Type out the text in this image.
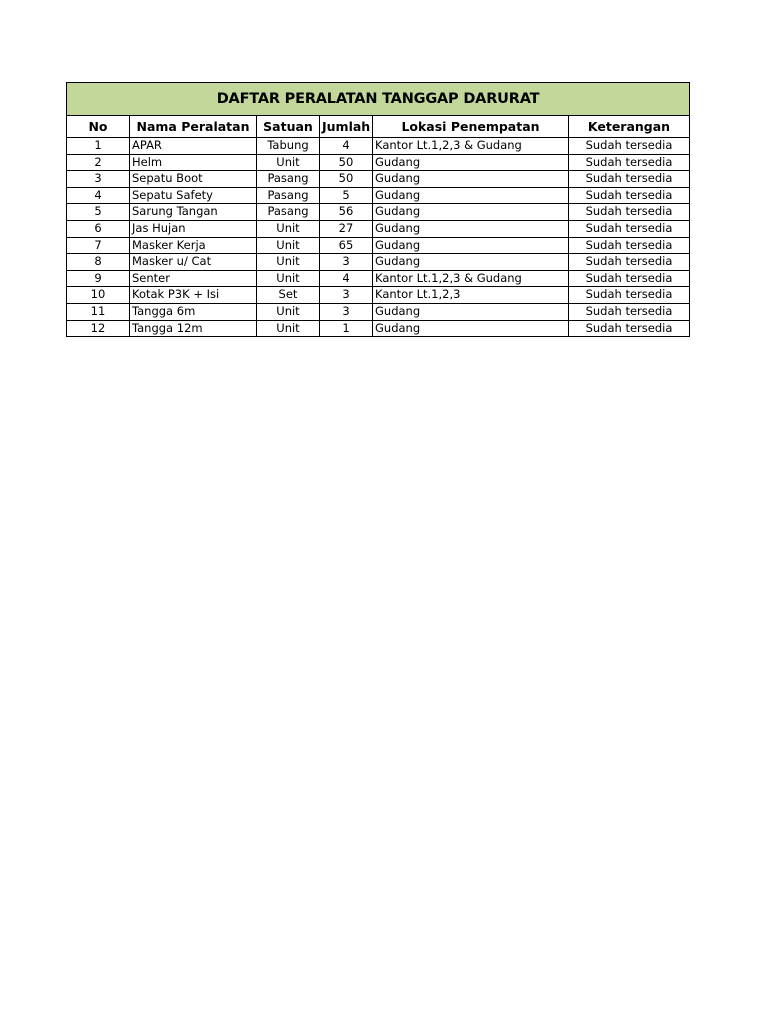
DAFTAR PERALATAN TANGGAP DARURAT					
No	Nama Peralatan	Satuan	Jumlah	Lokasi Penempatan	Keterangan
1	APAR	Tabung	4	Kantor Lt.1,2,3 & Gudang	Sudah tersedia
2	Helm	Unit	50	Gudang	Sudah tersedia
3	Sepatu Boot	Pasang	50	Gudang	Sudah tersedia
4	Sepatu Safety	Pasang	5	Gudang	Sudah tersedia
5	Sarung Tangan	Pasang	56	Gudang	Sudah tersedia
6	Jas Hujan	Unit	27	Gudang	Sudah tersedia
7	Masker Kerja	Unit	65	Gudang	Sudah tersedia
8	Masker u/ Cat	Unit	3	Gudang	Sudah tersedia
9	Senter	Unit	4	Kantor Lt.1,2,3 & Gudang	Sudah tersedia
10	Kotak P3K + Isi	Set	3	Kantor Lt.1,2,3	Sudah tersedia
11	Tangga 6m	Unit	3	Gudang	Sudah tersedia
12	Tangga 12m	Unit	1	Gudang	Sudah tersedia
